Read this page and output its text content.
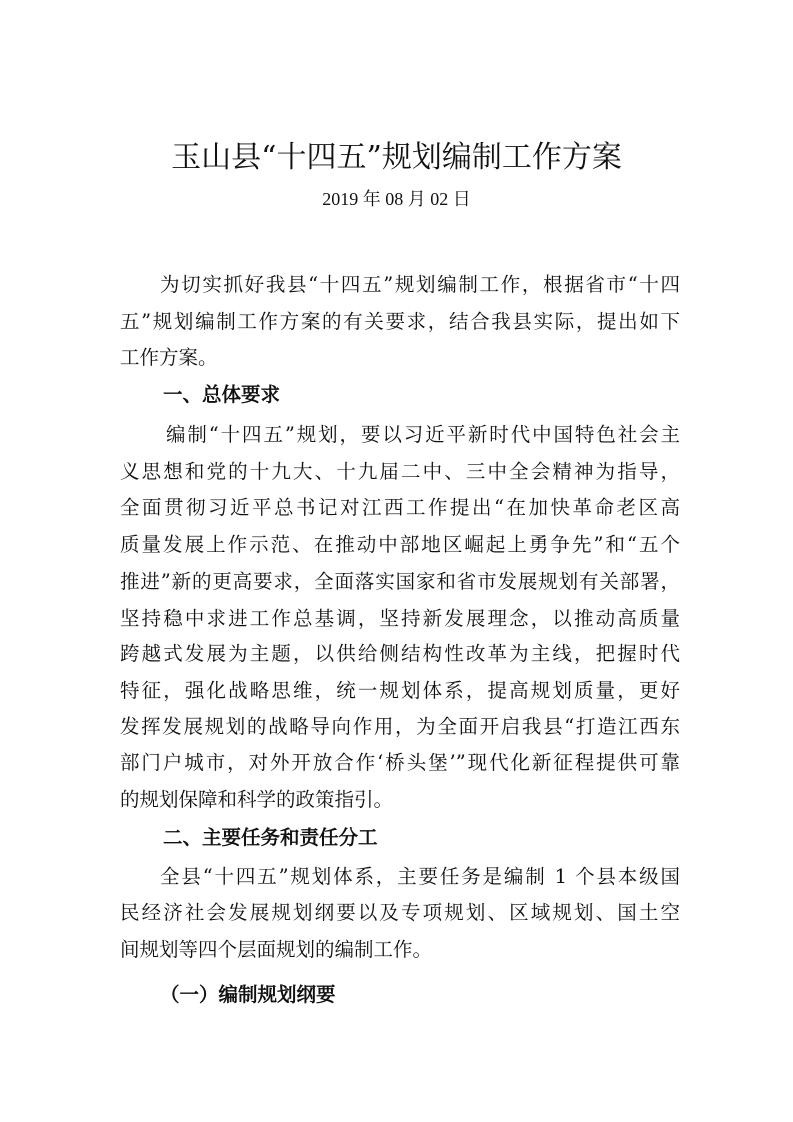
玉山县“十四五”规划编制工作方案
2019 年 08 月 02 日
为切实抓好我县“十四五”规划编制工作，根据省市“十四
五”规划编制工作方案的有关要求，结合我县实际，提出如下
工作方案。
一、总体要求
编制“十四五”规划，要以习近平新时代中国特色社会主
义思想和党的十九大、十九届二中、三中全会精神为指导，
全面贯彻习近平总书记对江西工作提出“在加快革命老区高
质量发展上作示范、在推动中部地区崛起上勇争先”和“五个
推进”新的更高要求，全面落实国家和省市发展规划有关部署，
坚持稳中求进工作总基调，坚持新发展理念，以推动高质量
跨越式发展为主题，以供给侧结构性改革为主线，把握时代
特征，强化战略思维，统一规划体系，提高规划质量，更好
发挥发展规划的战略导向作用，为全面开启我县“打造江西东
部门户城市，对外开放合作‘桥头堡’”现代化新征程提供可靠
的规划保障和科学的政策指引。
二、主要任务和责任分工
全县“十四五”规划体系，主要任务是编制 1 个县本级国
民经济社会发展规划纲要以及专项规划、区域规划、国土空
间规划等四个层面规划的编制工作。
（一）编制规划纲要
